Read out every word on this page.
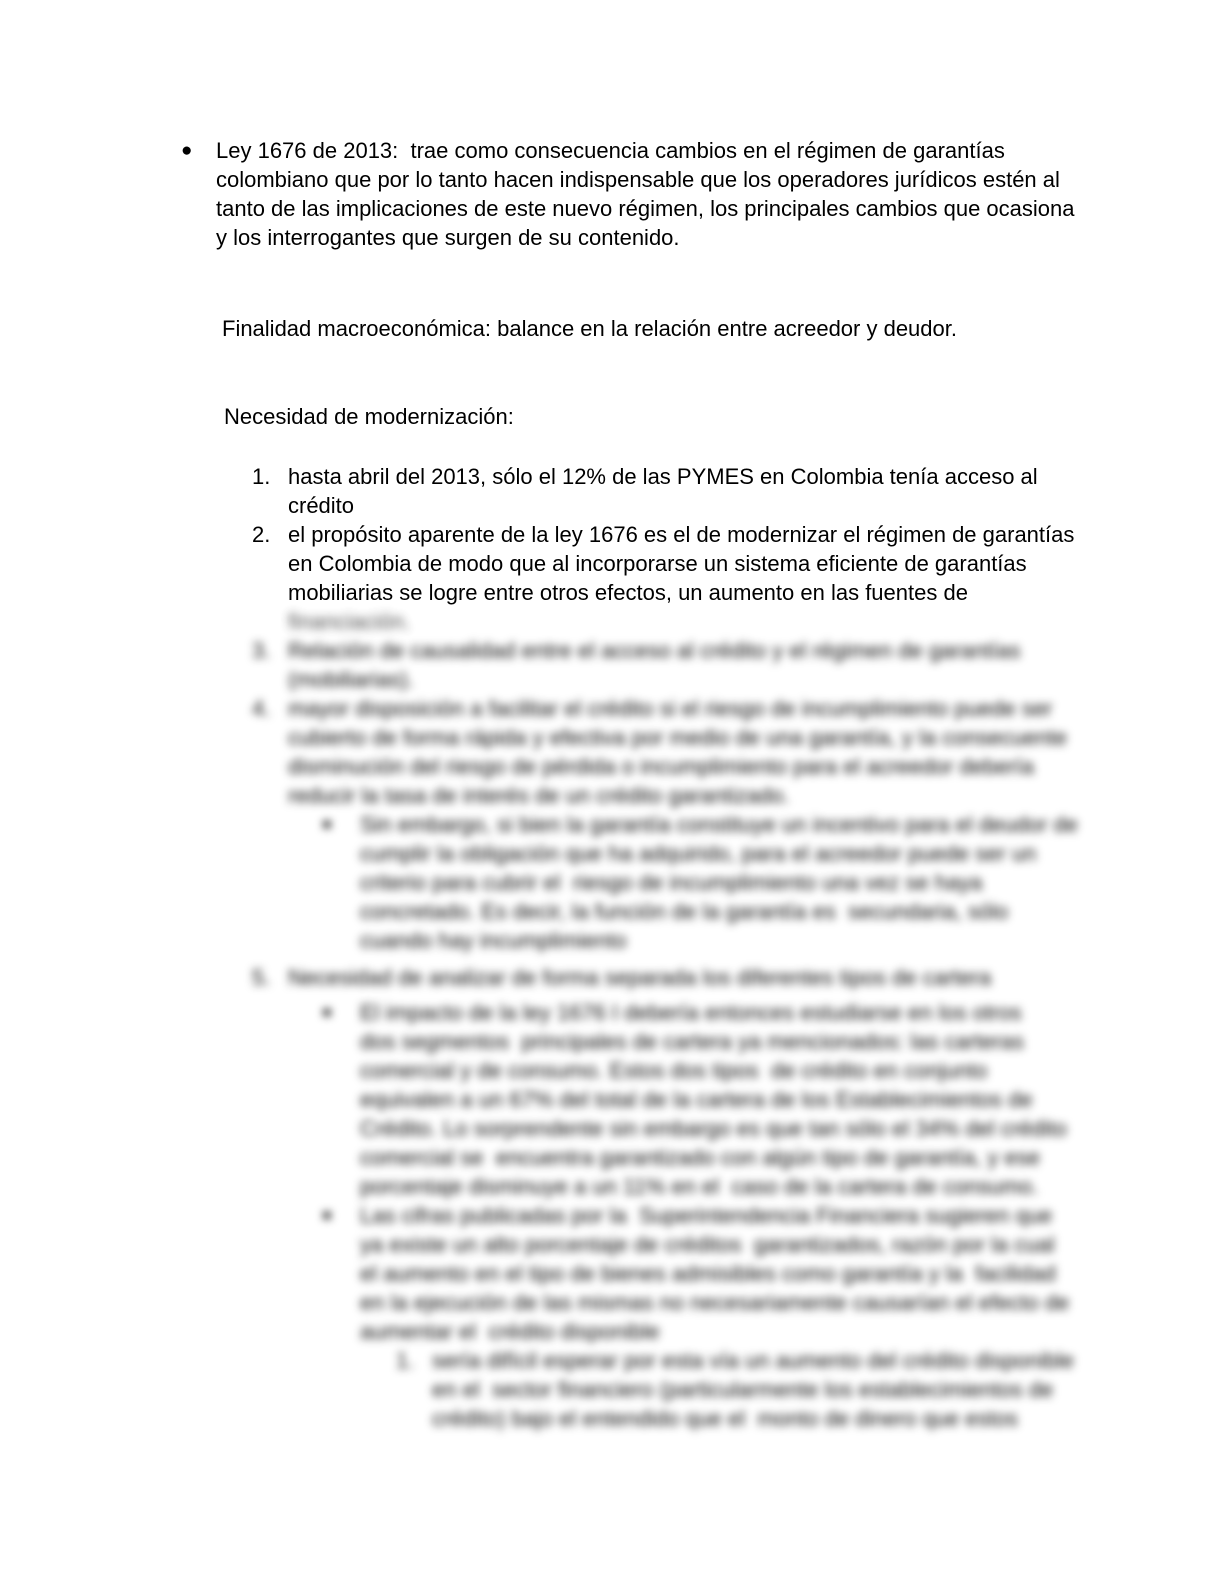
● Ley 1676 de 2013:  trae como consecuencia cambios en el régimen de garantías
colombiano que por lo tanto hacen indispensable que los operadores jurídicos estén al
tanto de las implicaciones de este nuevo régimen, los principales cambios que ocasiona
y los interrogantes que surgen de su contenido.
Finalidad macroeconómica: balance en la relación entre acreedor y deudor.
Necesidad de modernización:
1. hasta abril del 2013, sólo el 12% de las PYMES en Colombia tenía acceso al
crédito
2. el propósito aparente de la ley 1676 es el de modernizar el régimen de garantías
en Colombia de modo que al incorporarse un sistema eficiente de garantías
mobiliarias se logre entre otros efectos, un aumento en las fuentes de
financiación.
3. Relación de causalidad entre el acceso al crédito y el régimen de garantías
(mobiliarias).
4. mayor disposición a facilitar el crédito si el riesgo de incumplimiento puede ser
cubierto de forma rápida y efectiva por medio de una garantía, y la consecuente
disminución del riesgo de pérdida o incumplimiento para el acreedor debería
reducir la tasa de interés de un crédito garantizado.
▪ Sin embargo, si bien la garantía constituye un incentivo para el deudor de
cumplir la obligación que ha adquirido, para el acreedor puede ser un
criterio para cubrir el  riesgo de incumplimiento una vez se haya
concretado. Es decir, la función de la garantía es  secundaria, sólo
cuando hay incumplimiento
5. Necesidad de analizar de forma separada los diferentes tipos de cartera
▪ El impacto de la ley 1676 I debería entonces estudiarse en los otros
dos segmentos  principales de cartera ya mencionados: las carteras
comercial y de consumo. Estos dos tipos  de crédito en conjunto
equivalen a un 67% del total de la cartera de los Establecimientos de
Crédito. Lo sorprendente sin embargo es que tan sólo el 34% del crédito
comercial se  encuentra garantizado con algún tipo de garantía, y ese
porcentaje disminuye a un 11% en el  caso de la cartera de consumo.
▪ Las cifras publicadas por la  Superintendencia Financiera sugieren que
ya existe un alto porcentaje de créditos  garantizados, razón por la cual
el aumento en el tipo de bienes admisibles como garantía y la  facilidad
en la ejecución de las mismas no necesariamente causarían el efecto de
aumentar el  crédito disponible
1. sería difícil esperar por esta vía un aumento del crédito disponible
en el  sector financiero (particularmente los establecimientos de
crédito) bajo el entendido que el  monto de dinero que estos
